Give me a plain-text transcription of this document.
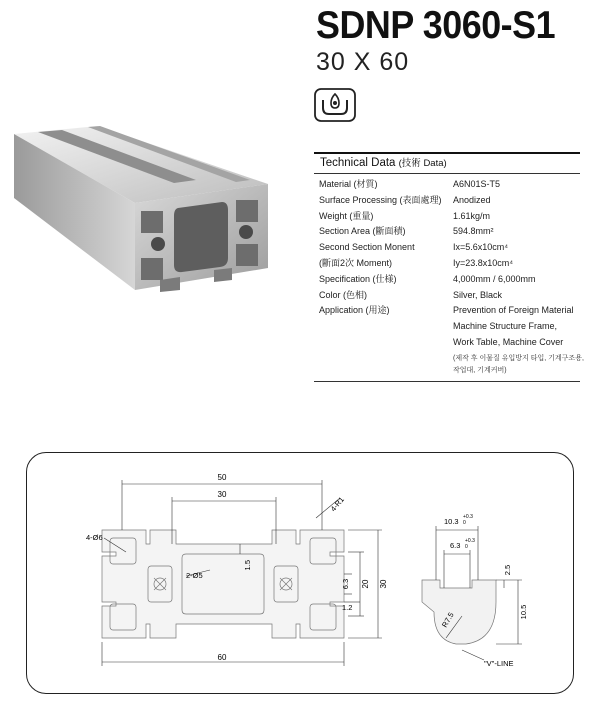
SDNP 3060-S1
30 X 60
Technical Data (技術 Data)
Material (材質)	A6N01S-T5
Surface Processing (表面處理)	Anodized
Weight (重量)	1.61kg/m
Section Area (斷面積)	594.8mm²
Second Section Monent	Ix=5.6x10cm⁴
(斷面2次 Moment)	Iy=23.8x10cm⁴
Specification (仕様)	4,000mm / 6,000mm
Color (色相)	Silver, Black
Application (用途)	Prevention of Foreign Material
Machine Structure Frame,
Work Table, Machine Cover
(제작 후 이물질 유입방지 타입, 기계구조용,
작업대, 기계커버)
50
30
4-R1
4-Ø6
1.5
2-Ø5
6.3 20 30
1.2
60
10.3 +0.3
0
6.3 +0.3
0
2.5
10.5
R7.5
"V"-LINE
